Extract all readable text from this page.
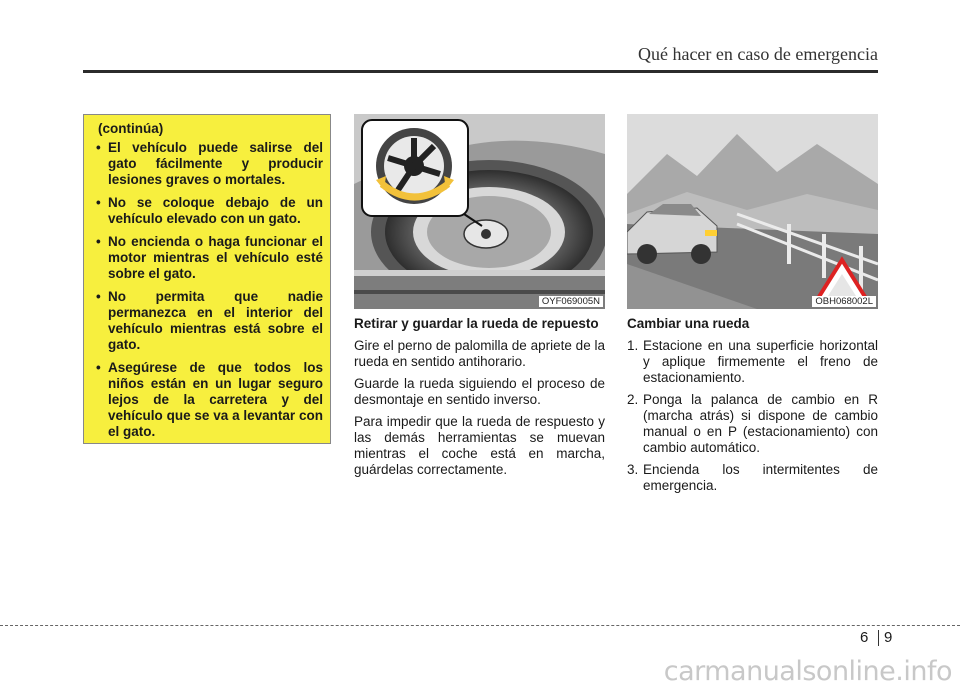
Qué hacer en caso de emergencia
(continúa)
• El vehículo puede salirse del gato fácilmente y producir lesiones graves o mortales.
• No se coloque debajo de un vehículo elevado con un gato.
• No encienda o haga funcionar el motor mientras el vehículo esté sobre el gato.
• No permita que nadie permanezca en el interior del vehículo mientras está sobre el gato.
• Asegúrese de que todos los niños están en un lugar seguro lejos de la carretera y del vehículo que se va a levantar con el gato.
OYF069005N	OBH068002L
Retirar y guardar la rueda de repuesto

Gire el perno de palomilla de apriete de la rueda en sentido antihorario.

Guarde la rueda siguiendo el proceso de desmontaje en sentido inverso.

Para impedir que la rueda de respuesto y las demás herramientas se muevan mientras el coche está en marcha, guárdelas correctamente.

Cambiar una rueda
1. Estacione en una superficie horizontal y aplique firmemente el freno de estacionamiento.
2. Ponga la palanca de cambio en R (marcha atrás) si dispone de cambio manual o en P (estacionamiento) con cambio automático.
3. Encienda los intermitentes de emergencia.
6 9
carmanualsonline.info
